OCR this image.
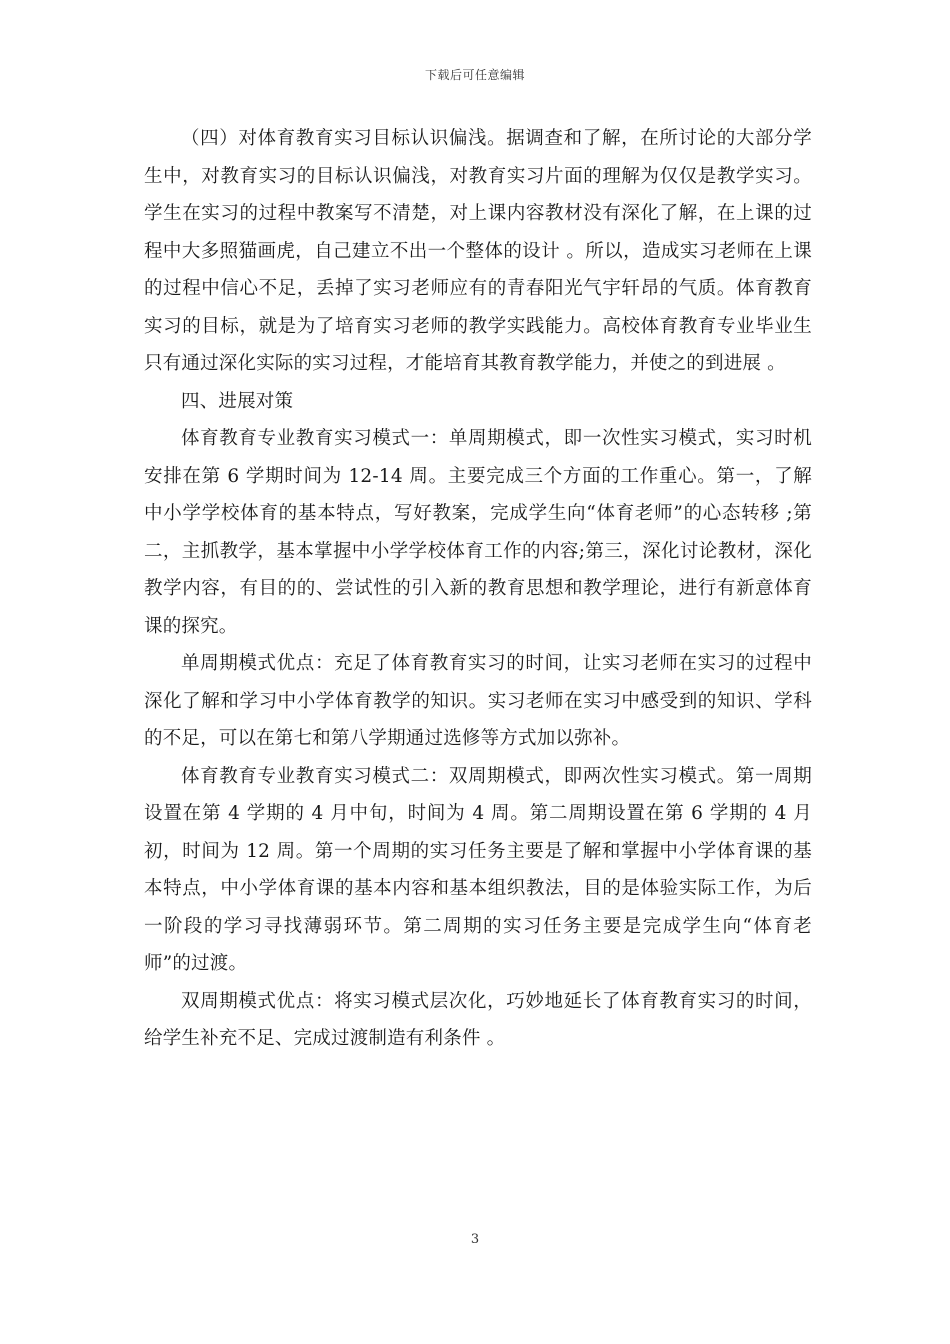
下载后可任意编辑

（四）对体育教育实习目标认识偏浅。据调查和了解，在所讨论的大部分学生中，对教育实习的目标认识偏浅，对教育实习片面的理解为仅仅是教学实习。学生在实习的过程中教案写不清楚，对上课内容教材没有深化了解，在上课的过程中大多照猫画虎，自己建立不出一个整体的设计 。所以，造成实习老师在上课的过程中信心不足，丢掉了实习老师应有的青春阳光气宇轩昂的气质。体育教育实习的目标，就是为了培育实习老师的教学实践能力。高校体育教育专业毕业生只有通过深化实际的实习过程，才能培育其教育教学能力，并使之的到进展 。

四、进展对策

体育教育专业教育实习模式一：单周期模式，即一次性实习模式，实习时机安排在第 6 学期时间为 12-14 周。主要完成三个方面的工作重心。第一，了解中小学学校体育的基本特点，写好教案，完成学生向“体育老师”的心态转移 ;第二，主抓教学，基本掌握中小学学校体育工作的内容;第三，深化讨论教材，深化教学内容，有目的的、尝试性的引入新的教育思想和教学理论，进行有新意体育课的探究。

单周期模式优点：充足了体育教育实习的时间，让实习老师在实习的过程中深化了解和学习中小学体育教学的知识。实习老师在实习中感受到的知识、学科的不足，可以在第七和第八学期通过选修等方式加以弥补。

体育教育专业教育实习模式二：双周期模式，即两次性实习模式。第一周期设置在第 4 学期的 4 月中旬，时间为 4 周。第二周期设置在第 6 学期的 4 月初，时间为 12 周。第一个周期的实习任务主要是了解和掌握中小学体育课的基本特点，中小学体育课的基本内容和基本组织教法，目的是体验实际工作，为后一阶段的学习寻找薄弱环节。第二周期的实习任务主要是完成学生向“体育老师”的过渡。

双周期模式优点：将实习模式层次化，巧妙地延长了体育教育实习的时间，给学生补充不足、完成过渡制造有利条件 。

3
